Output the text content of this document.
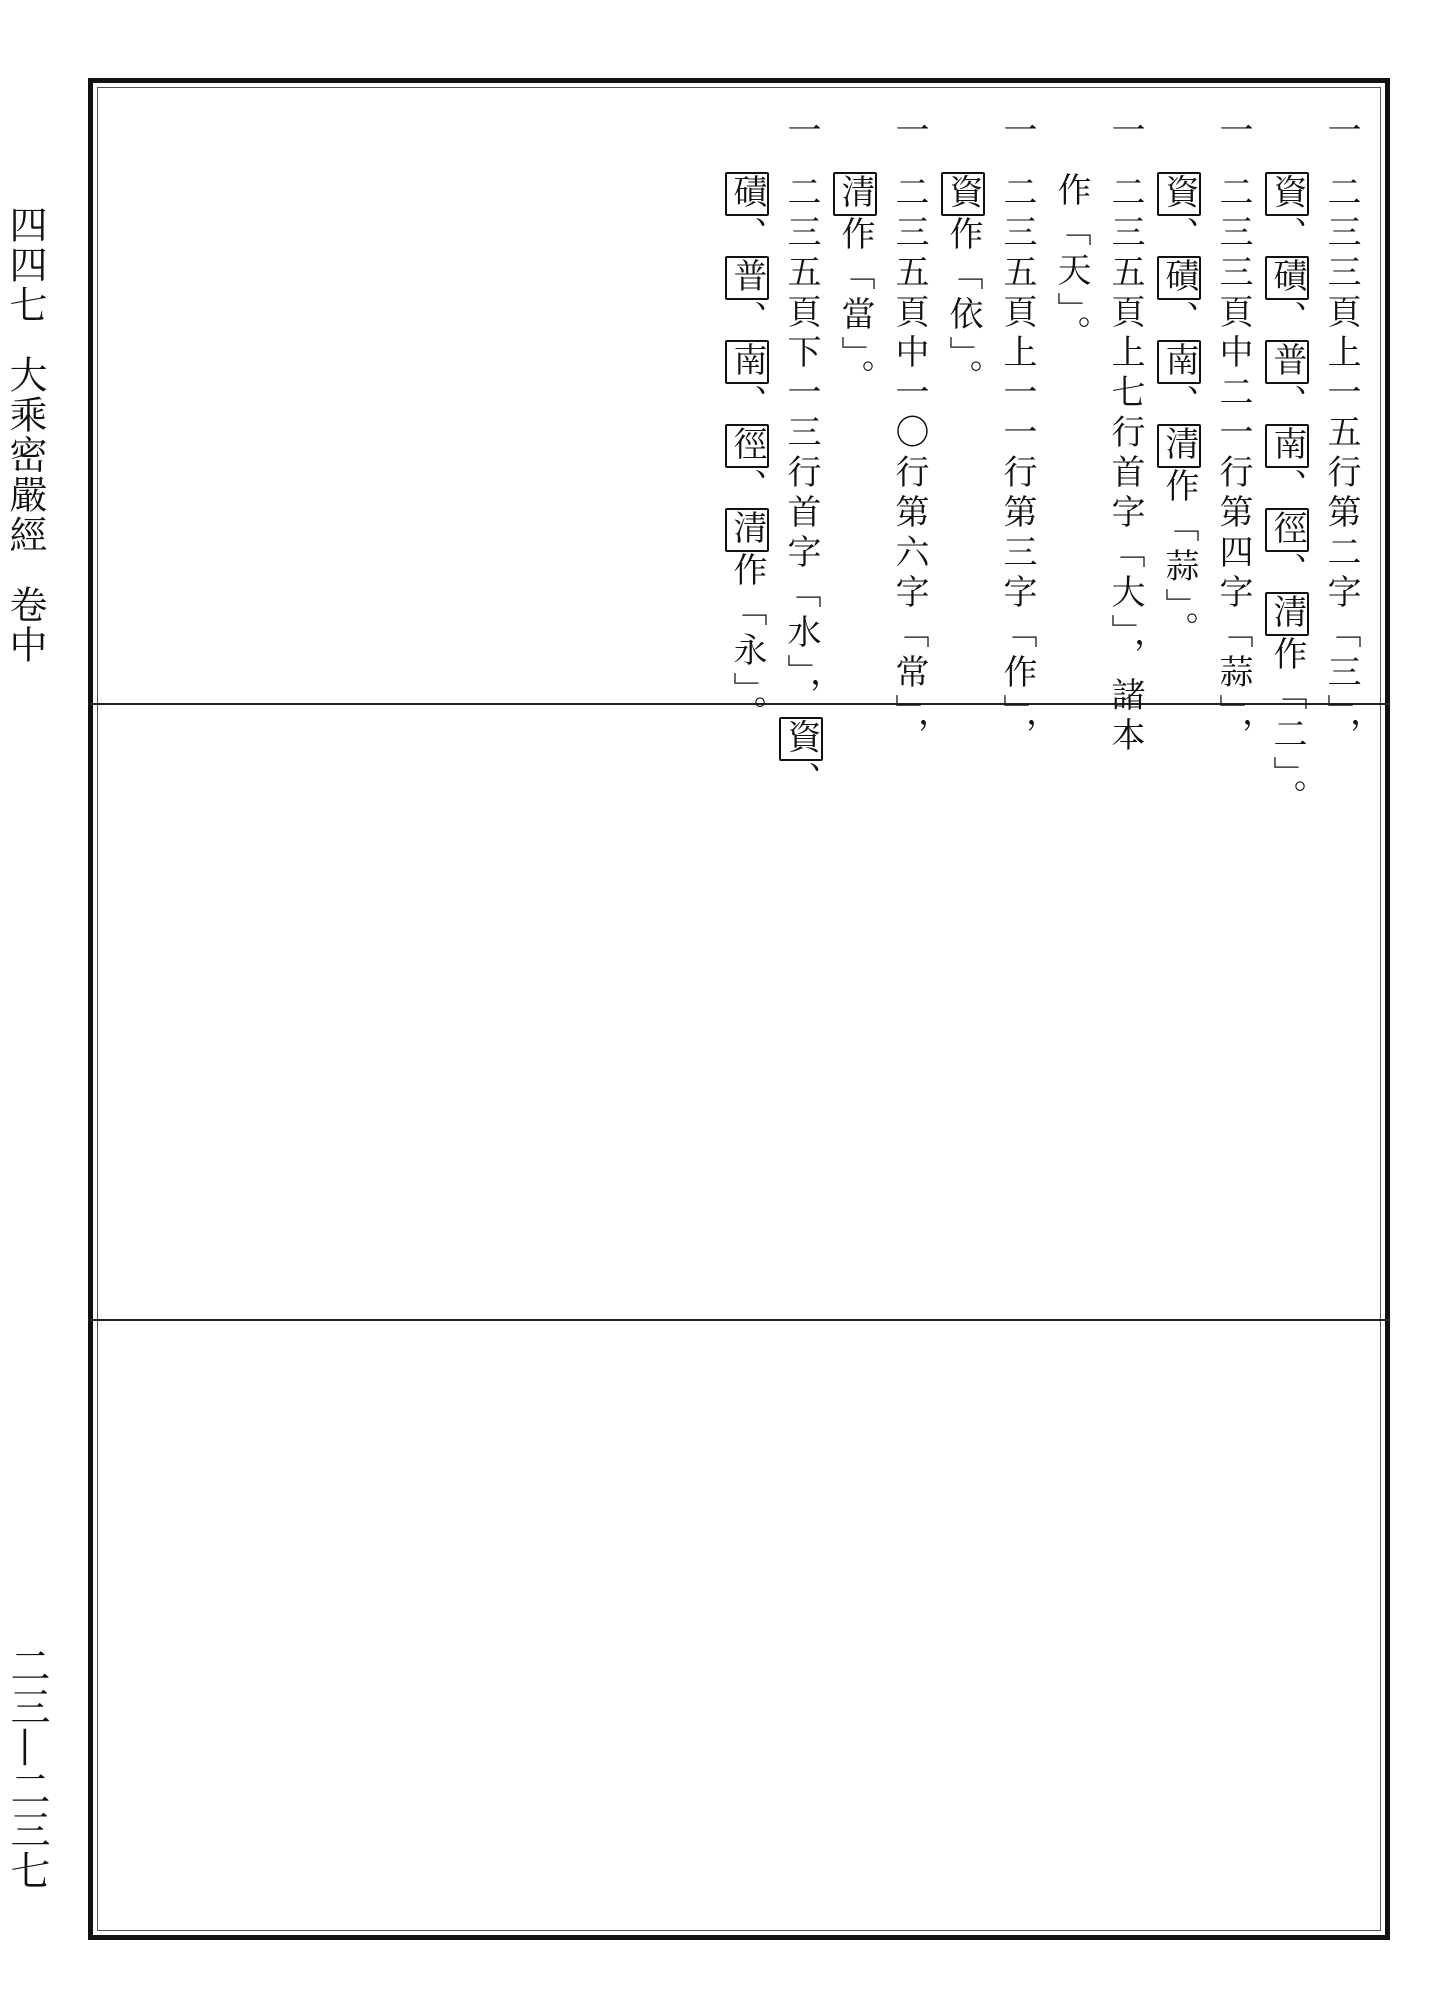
四四七大乘密嚴經卷中
二三—二三七
一二三三頁上一五行第二字「三」，
資、磧、普、南、徑、清作「二」。
一二三三頁中二一行第四字「蒜」，
資、磧、南、清作「蒜」。
一二三五頁上七行首字「大」，諸本
作「天」。
一二三五頁上一一行第三字「作」，
資作「依」。
一二三五頁中一〇行第六字「常」，
清作「當」。
一二三五頁下一三行首字「水」，資、
磧、普、南、徑、清作「永」。
